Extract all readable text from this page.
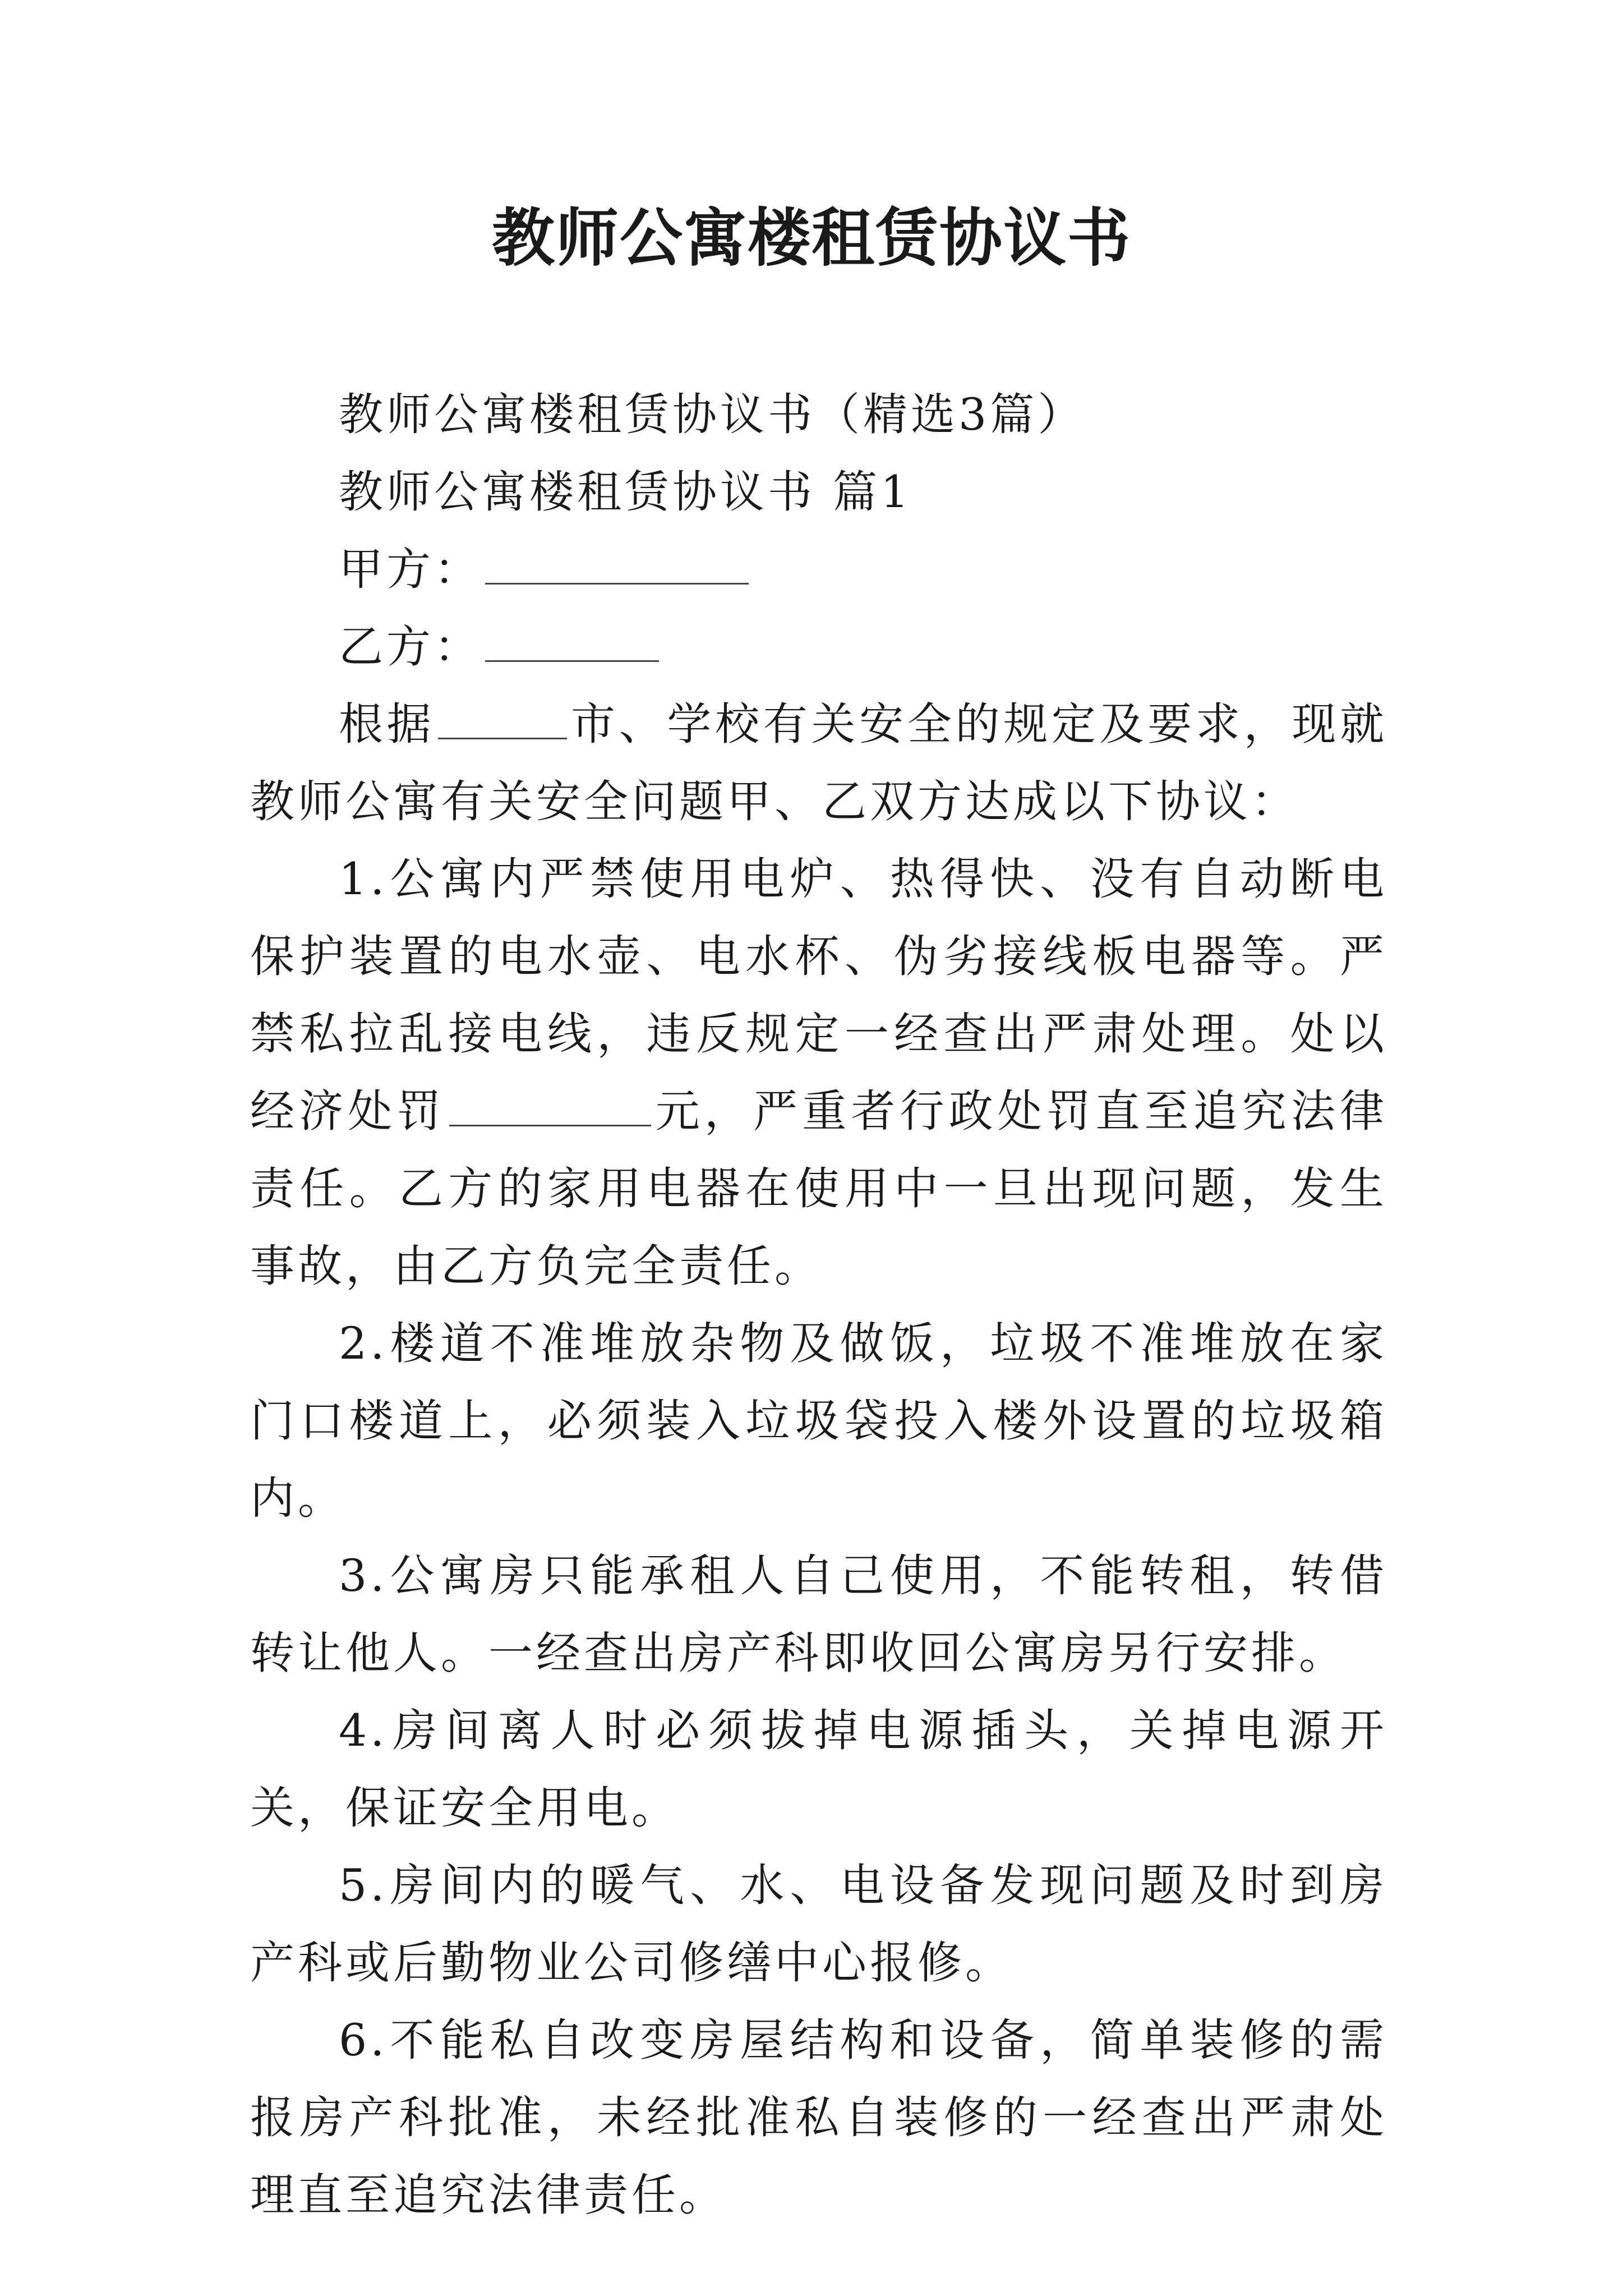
教师公寓楼租赁协议书

教师公寓楼租赁协议书（精选3篇）

教师公寓楼租赁协议书 篇1

甲方：

乙方：

根据	市、学校有关安全的规定及要求，现就教师公寓有关安全问题甲、乙双方达成以下协议：

1.公寓内严禁使用电炉、热得快、没有自动断电保护装置的电水壶、电水杯、伪劣接线板电器等。严禁私拉乱接电线，违反规定一经查出严肃处理。处以经济处罚	元，严重者行政处罚直至追究法律责任。乙方的家用电器在使用中一旦出现问题，发生事故，由乙方负完全责任。

2.楼道不准堆放杂物及做饭，垃圾不准堆放在家门口楼道上，必须装入垃圾袋投入楼外设置的垃圾箱内。

3.公寓房只能承租人自己使用，不能转租，转借转让他人。一经查出房产科即收回公寓房另行安排。

4.房间离人时必须拔掉电源插头，关掉电源开关，保证安全用电。

5.房间内的暖气、水、电设备发现问题及时到房产科或后勤物业公司修缮中心报修。

6.不能私自改变房屋结构和设备，简单装修的需报房产科批准，未经批准私自装修的一经查出严肃处理直至追究法律责任。
